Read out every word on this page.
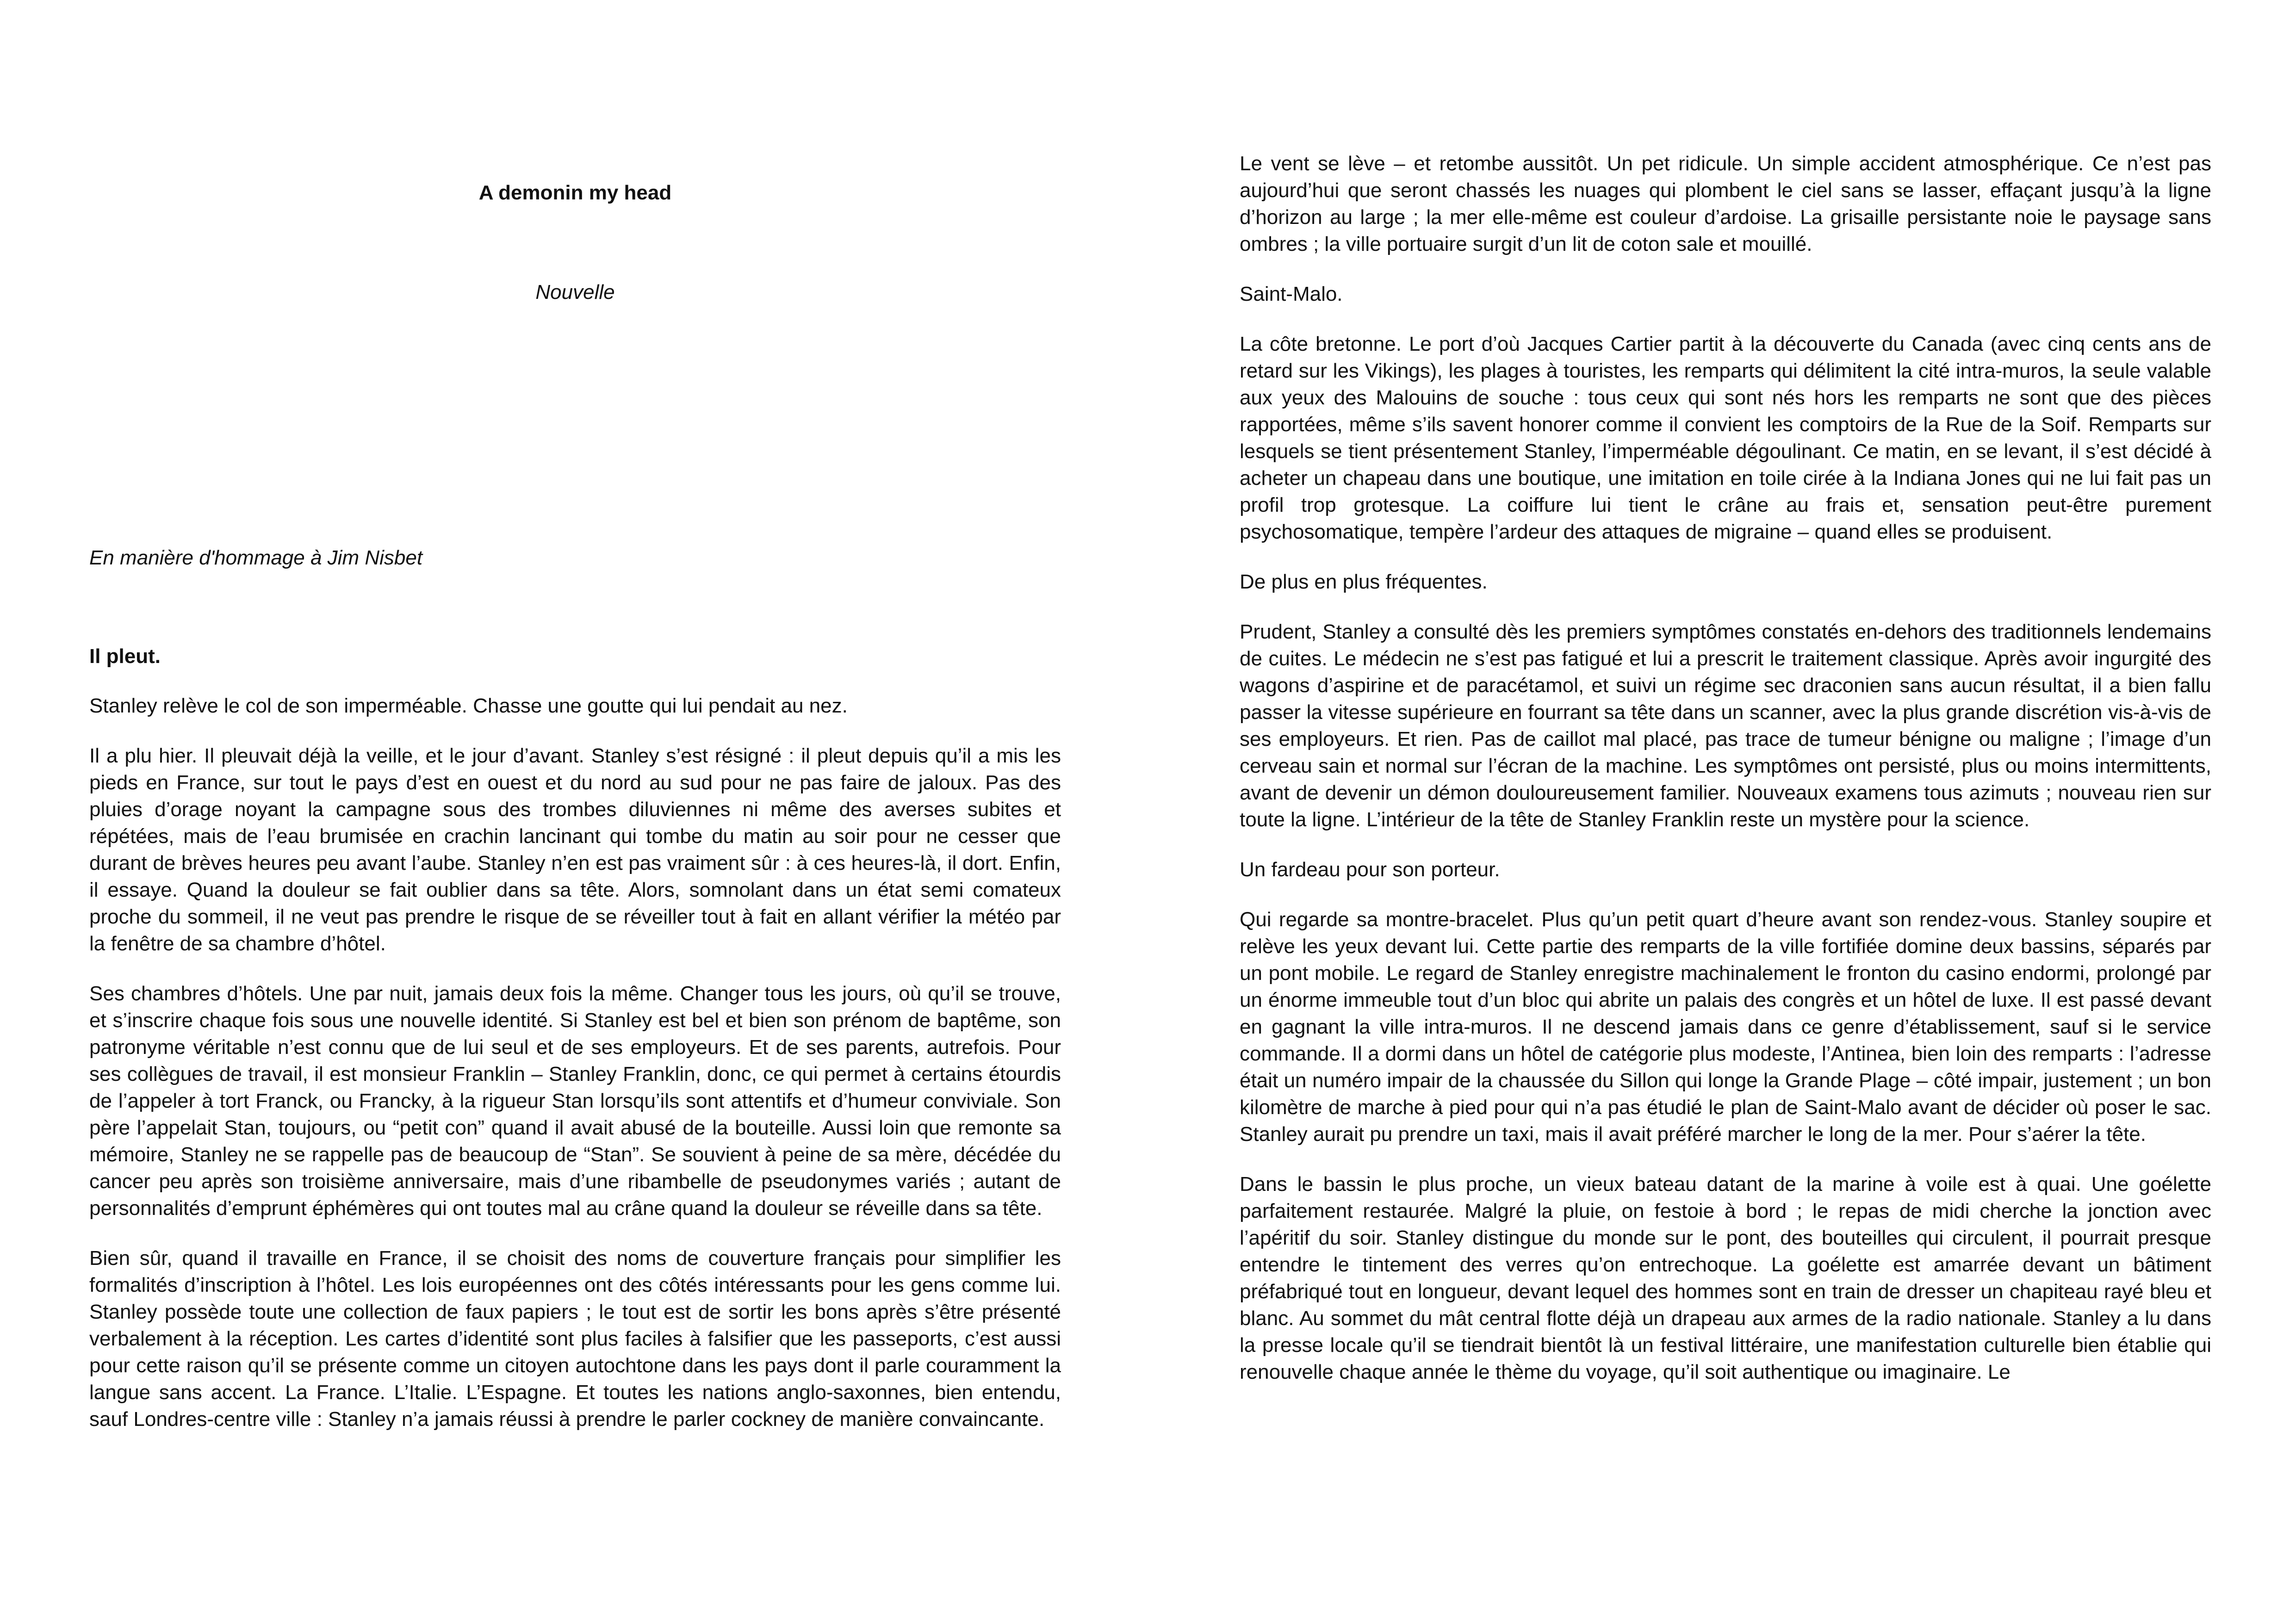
A demonin my head

Nouvelle

En manière d'hommage à Jim Nisbet

Il pleut.

Stanley relève le col de son imperméable. Chasse une goutte qui lui pendait au nez.

Il a plu hier. Il pleuvait déjà la veille, et le jour d’avant. Stanley s’est résigné : il pleut depuis qu’il a mis les pieds en France, sur tout le pays d’est en ouest et du nord au sud pour ne pas faire de jaloux. Pas des pluies d’orage noyant la campagne sous des trombes diluviennes ni même des averses subites et répétées, mais de l’eau brumisée en crachin lancinant qui tombe du matin au soir pour ne cesser que durant de brèves heures peu avant l’aube. Stanley n’en est pas vraiment sûr : à ces heures-là, il dort. Enfin, il essaye. Quand la douleur se fait oublier dans sa tête. Alors, somnolant dans un état semi comateux proche du sommeil, il ne veut pas prendre le risque de se réveiller tout à fait en allant vérifier la météo par la fenêtre de sa chambre d’hôtel.

Ses chambres d’hôtels. Une par nuit, jamais deux fois la même. Changer tous les jours, où qu’il se trouve, et s’inscrire chaque fois sous une nouvelle identité. Si Stanley est bel et bien son prénom de baptême, son patronyme véritable n’est connu que de lui seul et de ses employeurs. Et de ses parents, autrefois. Pour ses collègues de travail, il est monsieur Franklin – Stanley Franklin, donc, ce qui permet à certains étourdis de l’appeler à tort Franck, ou Francky, à la rigueur Stan lorsqu’ils sont attentifs et d’humeur conviviale. Son père l’appelait Stan, toujours, ou “petit con” quand il avait abusé de la bouteille. Aussi loin que remonte sa mémoire, Stanley ne se rappelle pas de beaucoup de “Stan”. Se souvient à peine de sa mère, décédée du cancer peu après son troisième anniversaire, mais d’une ribambelle de pseudonymes variés ; autant de personnalités d’emprunt éphémères qui ont toutes mal au crâne quand la douleur se réveille dans sa tête.

Bien sûr, quand il travaille en France, il se choisit des noms de couverture français pour simplifier les formalités d’inscription à l’hôtel. Les lois européennes ont des côtés intéressants pour les gens comme lui. Stanley possède toute une collection de faux papiers ; le tout est de sortir les bons après s’être présenté verbalement à la réception. Les cartes d’identité sont plus faciles à falsifier que les passeports, c’est aussi pour cette raison qu’il se présente comme un citoyen autochtone dans les pays dont il parle couramment la langue sans accent. La France. L’Italie. L’Espagne. Et toutes les nations anglo-saxonnes, bien entendu, sauf Londres-centre ville : Stanley n’a jamais réussi à prendre le parler cockney de manière convaincante.

Le vent se lève – et retombe aussitôt. Un pet ridicule. Un simple accident atmosphérique. Ce n’est pas aujourd’hui que seront chassés les nuages qui plombent le ciel sans se lasser, effaçant jusqu’à la ligne d’horizon au large ; la mer elle-même est couleur d’ardoise. La grisaille persistante noie le paysage sans ombres ; la ville portuaire surgit d’un lit de coton sale et mouillé.

Saint-Malo.

La côte bretonne. Le port d’où Jacques Cartier partit à la découverte du Canada (avec cinq cents ans de retard sur les Vikings), les plages à touristes, les remparts qui délimitent la cité intra-muros, la seule valable aux yeux des Malouins de souche : tous ceux qui sont nés hors les remparts ne sont que des pièces rapportées, même s’ils savent honorer comme il convient les comptoirs de la Rue de la Soif. Remparts sur lesquels se tient présentement Stanley, l’imperméable dégoulinant. Ce matin, en se levant, il s’est décidé à acheter un chapeau dans une boutique, une imitation en toile cirée à la Indiana Jones qui ne lui fait pas un profil trop grotesque. La coiffure lui tient le crâne au frais et, sensation peut-être purement psychosomatique, tempère l’ardeur des attaques de migraine – quand elles se produisent.

De plus en plus fréquentes.

Prudent, Stanley a consulté dès les premiers symptômes constatés en-dehors des traditionnels lendemains de cuites. Le médecin ne s’est pas fatigué et lui a prescrit le traitement classique. Après avoir ingurgité des wagons d’aspirine et de paracétamol, et suivi un régime sec draconien sans aucun résultat, il a bien fallu passer la vitesse supérieure en fourrant sa tête dans un scanner, avec la plus grande discrétion vis-à-vis de ses employeurs. Et rien. Pas de caillot mal placé, pas trace de tumeur bénigne ou maligne ; l’image d’un cerveau sain et normal sur l’écran de la machine. Les symptômes ont persisté, plus ou moins intermittents, avant de devenir un démon douloureusement familier. Nouveaux examens tous azimuts ; nouveau rien sur toute la ligne. L’intérieur de la tête de Stanley Franklin reste un mystère pour la science.

Un fardeau pour son porteur.

Qui regarde sa montre-bracelet. Plus qu’un petit quart d’heure avant son rendez-vous. Stanley soupire et relève les yeux devant lui. Cette partie des remparts de la ville fortifiée domine deux bassins, séparés par un pont mobile. Le regard de Stanley enregistre machinalement le fronton du casino endormi, prolongé par un énorme immeuble tout d’un bloc qui abrite un palais des congrès et un hôtel de luxe. Il est passé devant en gagnant la ville intra-muros. Il ne descend jamais dans ce genre d’établissement, sauf si le service commande. Il a dormi dans un hôtel de catégorie plus modeste, l’Antinea, bien loin des remparts : l’adresse était un numéro impair de la chaussée du Sillon qui longe la Grande Plage – côté impair, justement ; un bon kilomètre de marche à pied pour qui n’a pas étudié le plan de Saint-Malo avant de décider où poser le sac. Stanley aurait pu prendre un taxi, mais il avait préféré marcher le long de la mer. Pour s’aérer la tête.

Dans le bassin le plus proche, un vieux bateau datant de la marine à voile est à quai. Une goélette parfaitement restaurée. Malgré la pluie, on festoie à bord ; le repas de midi cherche la jonction avec l’apéritif du soir. Stanley distingue du monde sur le pont, des bouteilles qui circulent, il pourrait presque entendre le tintement des verres qu’on entrechoque. La goélette est amarrée devant un bâtiment préfabriqué tout en longueur, devant lequel des hommes sont en train de dresser un chapiteau rayé bleu et blanc. Au sommet du mât central flotte déjà un drapeau aux armes de la radio nationale. Stanley a lu dans la presse locale qu’il se tiendrait bientôt là un festival littéraire, une manifestation culturelle bien établie qui renouvelle chaque année le thème du voyage, qu’il soit authentique ou imaginaire. Le
